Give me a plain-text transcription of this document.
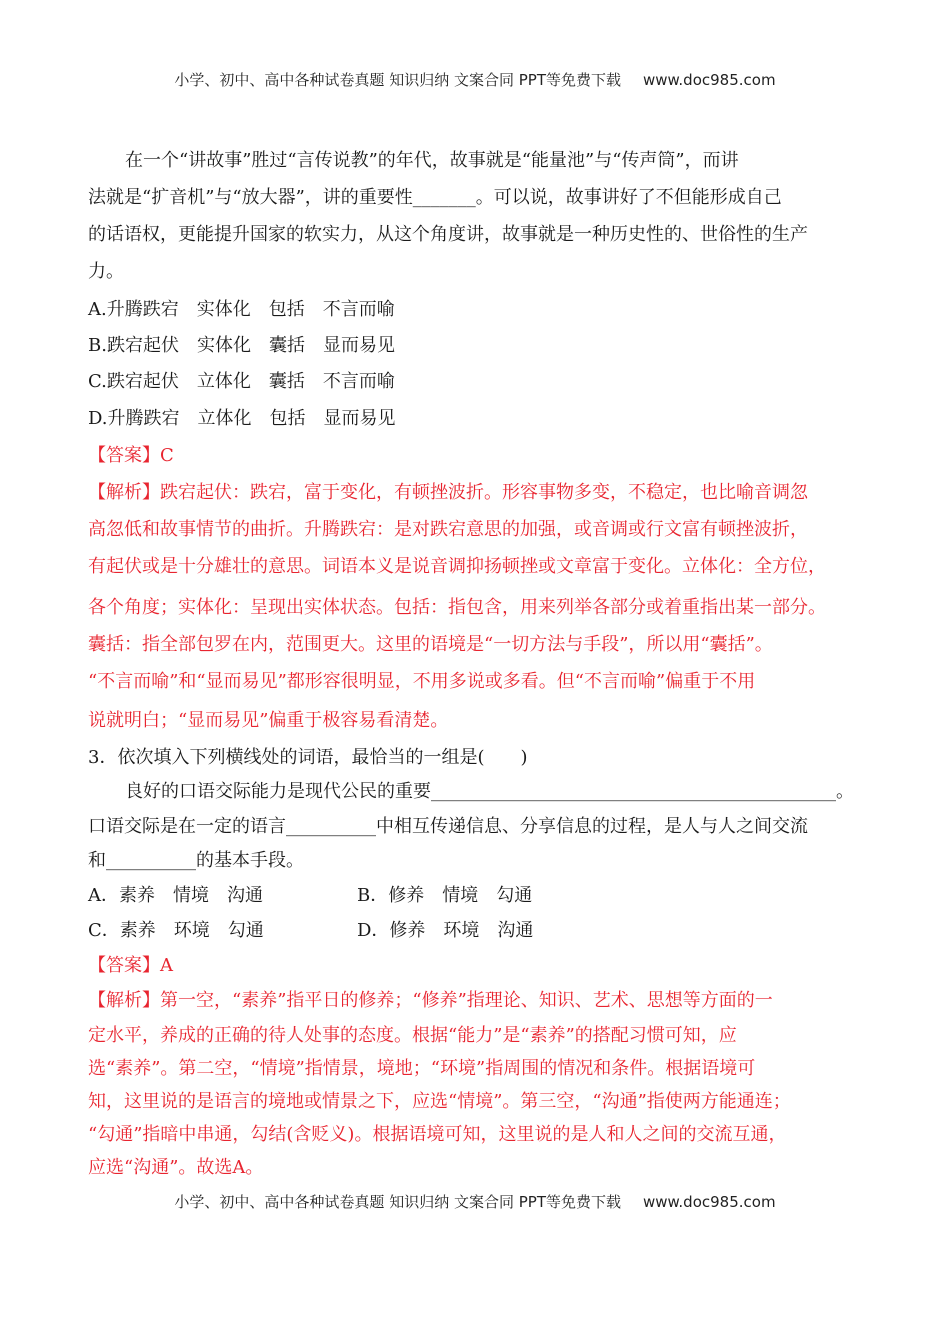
小学、初中、高中各种试卷真题 知识归纳 文案合同 PPT等免费下载 www.doc985.com
在一个“讲故事”胜过“言传说教”的年代，故事就是“能量池”与“传声筒”，而讲
法就是“扩音机”与“放大器”，讲的重要性_______。可以说，故事讲好了不但能形成自己
的话语权，更能提升国家的软实力，从这个角度讲，故事就是一种历史性的、世俗性的生产
力。
A.升腾跌宕　实体化　包括　不言而喻
B.跌宕起伏　实体化　囊括　显而易见
C.跌宕起伏　立体化　囊括　不言而喻
D.升腾跌宕　立体化　包括　显而易见
【答案】C
【解析】跌宕起伏：跌宕，富于变化，有顿挫波折。形容事物多变，不稳定，也比喻音调忽
高忽低和故事情节的曲折。升腾跌宕：是对跌宕意思的加强，或音调或行文富有顿挫波折，
有起伏或是十分雄壮的意思。词语本义是说音调抑扬顿挫或文章富于变化。立体化：全方位，
各个角度；实体化：呈现出实体状态。包括：指包含，用来列举各部分或着重指出某一部分。
囊括：指全部包罗在内，范围更大。这里的语境是“一切方法与手段”，所以用“囊括”。
“不言而喻”和“显而易见”都形容很明显，不用多说或多看。但“不言而喻”偏重于不用
说就明白；“显而易见”偏重于极容易看清楚。
3．依次填入下列横线处的词语，最恰当的一组是(　　)
良好的口语交际能力是现代公民的重要_____________________________________________。
口语交际是在一定的语言__________中相互传递信息、分享信息的过程，是人与人之间交流
和__________的基本手段。
A．素养　情境　沟通	B．修养　情境　勾通
C．素养　环境　勾通	D．修养　环境　沟通
【答案】A
【解析】第一空，“素养”指平日的修养；“修养”指理论、知识、艺术、思想等方面的一
定水平，养成的正确的待人处事的态度。根据“能力”是“素养”的搭配习惯可知，应
选“素养”。第二空，“情境”指情景，境地；“环境”指周围的情况和条件。根据语境可
知，这里说的是语言的境地或情景之下，应选“情境”。第三空，“沟通”指使两方能通连；
“勾通”指暗中串通，勾结(含贬义)。根据语境可知，这里说的是人和人之间的交流互通，
应选“沟通”。故选A。
小学、初中、高中各种试卷真题 知识归纳 文案合同 PPT等免费下载 www.doc985.com
